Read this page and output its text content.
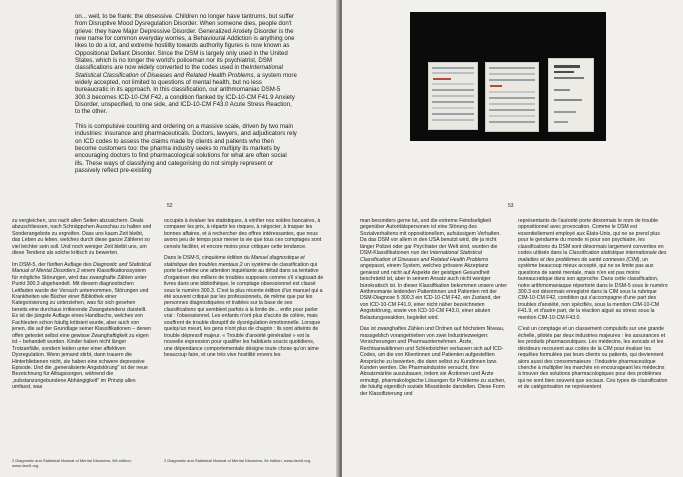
on... well, to be frank: the obsessive. Children no longer have tantrums, but suffer from Disruptive Mood Dysregulation Disorder. When someone dies, people don't grieve: they have Major Depressive Disorder. Generalized Anxiety Disorder is the new name for common everyday worries, a Behavioural Addiction is anything one likes to do a lot, and extreme hostility towards authority figures is now known as Oppositional Defiant Disorder. Since the DSM is largely only used in the United States, which is no longer the world's policeman nor its psychiatrist, DSM classifications are now widely converted to the codes used in theInternational Statistical Classification of Diseases and Related Health Problems, a system more widely accepted, not limited to questions of mental health, but no less bureaucratic in its approach. In this classification, our arithmomaniac DSM-5 300.3 becomes ICD-10-CM F42, a condition flanked by ICD-10-CM F41.9 Anxiety Disorder, unspecified, to one side, and ICD-10-CM F43.0 Acute Stress Reaction, to the other.

This is compulsive counting and ordering on a massive scale, driven by two main industries: insurance and pharmaceuticals. Doctors, lawyers, and adjudicators rely on ICD codes to assess the claims made by clients and patients who then become customers too: the pharma industry seeks to multiply its markets by encouraging doctors to find pharmacological solutions for what are often social ills. These ways of classifying and categorising do not simply represent or passively reflect pre-existing

52

zu vergleichen, uns nach allen Seiten abzusichern. Deals abzuschliessen, nach Schnäppchen Ausschau zu halten und Sonderangebote zu ergreifen. Dass uns kaum Zeit bleibt, das Leben zu leben, welches durch diese ganze Zählerei so viel leichter sein soll. Und noch weniger Zeit bleibt uns, um diese Tendenz als solche kritisch zu bewerten.

Im DSM-5, der fünften Auflage des Diagnostic and Statistical Manual of Mental Disorders,2 einem Klassifikationssystem für mögliche Störungen, wird das zwanghafte Zählen unter Punkt 300.3 abgehandelt. Mit diesem diagnostischen Leitfaden wurde der Versuch unternommen, Störungen und Krankheiten wie Bücher einer Bibliothek einer Kategorisierung zu unterziehen, was für sich gesehen bereits eine durchaus irritierende Zwangstendenz darstellt. Es ist die jüngste Auflage eines Handbuchs, welches von Fachleuten schon häufig kritisiert wurde, aber auch von jenen, die auf der Grundlage seiner Klassifikationen – denen offen getestet selbst eine gewisse Zwanghaftigkeit zu eigen ist – behandelt wurden. Kinder haben nicht länger Trotzanfälle, sondern leiden unter einer affektiven Dysregulation. Wenn jemand stirbt, dann trauern die Hinterbliebenen nicht, sie haben eine schwere depressive Episode. Und die „generalisierte Angststörung" ist der neue Bezeichnung für Alltagssorgen, während die „substanzungebundene Abhängigkeit" im Prinzip alles umfasst, was

2 Diagnostic and Statistical Manual of Mental Disorders, 5th edition, www.dsm5.org.

occupés à évaluer les statistiques, à vérifier nos soldes bancaires, à comparer les prix, à répartir les risques, à négocier, à traquer les bonnes affaires, et à rechercher des offres intéressantes, que nous avons peu de temps pour mener la vie que tous ces comptages sont censés faciliter, et encore moins pour critiquer cette tendance.

Dans le DSM-5, cinquième édition du Manuel diagnostique et statistique des troubles mentaux,2 un système de classification qui porte lui-même une attention inquiétante au détail dans sa tentative d'organiser des milliers de troubles supposés comme s'il s'agissait de livres dans une bibliothèque, le comptage obsessionnel est classé sous le numéro 300.3. C'est la plus récente édition d'un manuel qui a été souvent critiqué par les professionnels, de même que par les personnes diagnostiquées et traitées sur la base de ses classifications qui semblent parfois à la limite de... enfin pour parler vrai : l'obsessionnel. Les enfants n'ont plus d'accès de colère, mais souffrent de trouble disruptif de dysrégulation émotionnelle. Lorsque quelqu'un meurt, les gens n'ont plus de chagrin : ils sont atteints de trouble dépressif majeur. « Trouble d'anxiété généralisé » est la nouvelle expression pour qualifier les habituels soucis quotidiens, une dépendance comportementale désigne toute chose qu'on aime beaucoup faire, et une très vive hostilité envers les

2 Diagnostic and Statistical Manual of Mental Disorders, 5e édition, www.dsm5.org.
53

man besonders gerne tut, und die extreme Feindseligkeit gegenüber Autoritätspersonen ist eine Störung des Sozialverhaltens mit oppositionellem, aufsässigem Verhalten. Da das DSM vor allem in den USA benutzt wird, die ja nicht länger Polizei oder gar Psychiater der Welt sind, wurden die DSM-Klassifikationen nun der International Statistical Classification of Diseases and Related Health Problems angepasst, einem System, welches grössere Akzeptanz geniesst und nicht auf Aspekte der geistigen Gesundheit beschränkt ist, aber in seinem Ansatz auch nicht weniger bürokratisch ist. In dieser Klassifikation bekommen unsere unter Arithmomanie leidenden Patientinnen und Patienten mit der DSM-Diagnose 5 300.3 ein ICD-10-CM F42, ein Zustand, der von ICD-10-CM F41.9, einer nicht näher bezeichneten Angststörung, sowie von ICD-10-CM F43.0, einer akuten Belastungsreaktion, begleitet wird.

Das ist zwanghaftes Zählen und Ordnen auf höchstem Niveau, massgeblich vorangetrieben von zwei Industriezweigen: Versicherungen und Pharmaunternehmen. Ärzte, Rechtsanwältinnen und Schiedsrichter verlassen sich auf ICD-Codes, um die von Klientinnen und Patienten aufgestellten Ansprüche zu bewerten, die dann selbst zu Kundinnen bzw. Kunden werden. Die Pharmaindustrie versucht, ihre Absatzmärkte auszubauen, indem sie Ärztinnen und Ärzte ermutigt, pharmakologische Lösungen für Probleme zu suchen, die häufig eigentlich soziale Missstände darstellen. Diese Form der Klassifizierung und

représentants de l'autorité porte désormais le nom de trouble oppositionnel avec provocation. Comme le DSM est essentiellement employé aux États-Unis, qui ne se prend plus pour le gendarme du monde ni pour son psychiatre, les classifications du DSM sont désormais largement converties en codes utilisés dans la Classification statistique internationale des maladies et des problèmes de santé connexes (CIM), un système beaucoup mieux accepté, qui ne se limite pas aux questions de santé mentale, mais n'en est pas moins bureaucratique dans son approche. Dans cette classification, notre arithmomaniaque répertorié dans le DSM-5 sous le numéro 300.3 est désormais enregistré dans la CIM sous la rubrique CIM-10-CM F42, condition qui s'accompagne d'une part des troubles d'anxiété, non spécifiés, sous la mention CIM-10-CM F41.9, et d'autre part, de la réaction aiguë au stress sous la mention CIM-10-CM F43.0.

C'est un comptage et un classement compulsifs sur une grande échelle, pilotés par deux industries majeures : les assurances et les produits pharmaceutiques. Les médecins, les avocats et les décideurs recourent aux codes de la CIM pour évaluer les requêtes formulées par leurs clients ou patients, qui deviennent alors aussi des consommateurs : l'industrie pharmaceutique cherche à multiplier les marchés en encourageant les médecins à trouver des solutions pharmacologiques pour des problèmes qui ne sont bien souvent que sociaux. Ces types de classification et de catégorisation ne représentent
